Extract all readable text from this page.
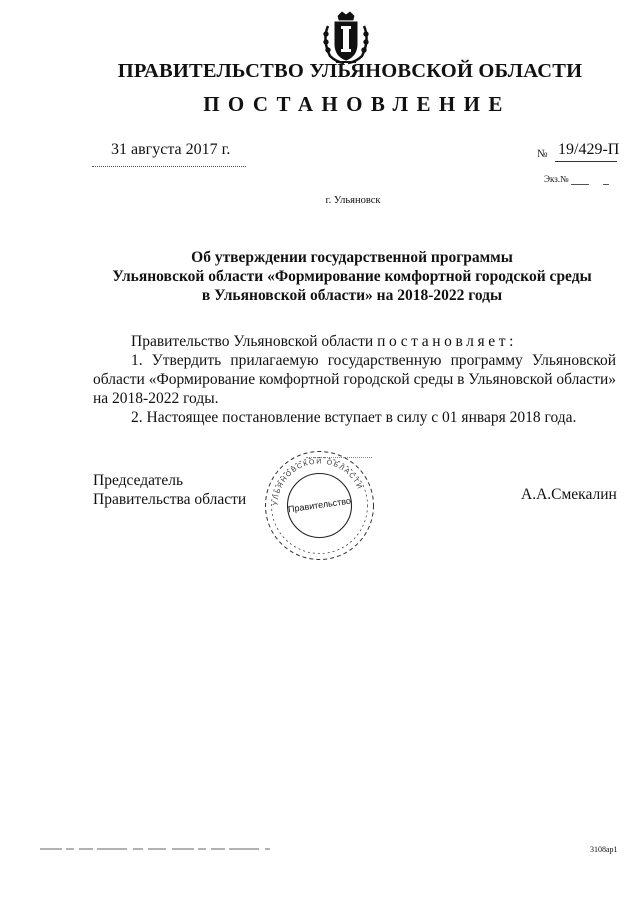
ПРАВИТЕЛЬСТВО УЛЬЯНОВСКОЙ ОБЛАСТИ
ПОСТАНОВЛЕНИЕ
31 августа 2017 г.	№ 19/429-П
Экз.№
г. Ульяновск
Об утверждении государственной программы
Ульяновской области «Формирование комфортной городской среды
в Ульяновской области» на 2018-2022 годы
Правительство Ульяновской области постановляет:
1. Утвердить прилагаемую государственную программу Ульяновской области «Формирование комфортной городской среды в Ульяновской области» на 2018-2022 годы.
2. Настоящее постановление вступает в силу с 01 января 2018 года.
Председатель
Правительства области	УЛЬЯНОВСКОЙ ОБЛАСТИ
Правительство
А.А.Смекалин
3108ap1
